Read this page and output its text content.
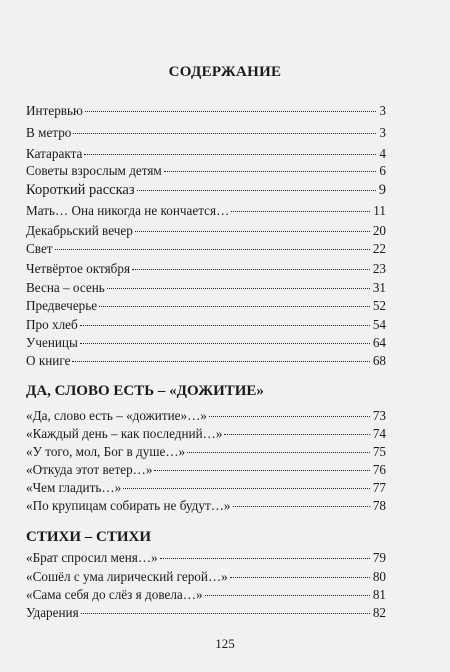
СОДЕРЖАНИЕ
Интервью	3
В метро	3
Катаракта	4
Советы взрослым детям	6
Короткий рассказ	9
Мать… Она никогда не кончается…	11
Декабрьский вечер	20
Свет	22
Четвёртое октября	23
Весна – осень	31
Предвечерье	52
Про хлеб	54
Ученицы	64
О книге	68
ДА, СЛОВО ЕСТЬ – «ДОЖИТИЕ»
«Да, слово есть – «дожитие»…»	73
«Каждый день – как последний…»	74
«У того, мол, Бог в душе…»	75
«Откуда этот ветер…»	76
«Чем гладить…»	77
«По крупицам собирать не будут…»	78
СТИХИ – СТИХИ
«Брат спросил меня…»	79
«Сошёл с ума лирический герой…»	80
«Сама себя до слёз я довела…»	81
Ударения	82
125
